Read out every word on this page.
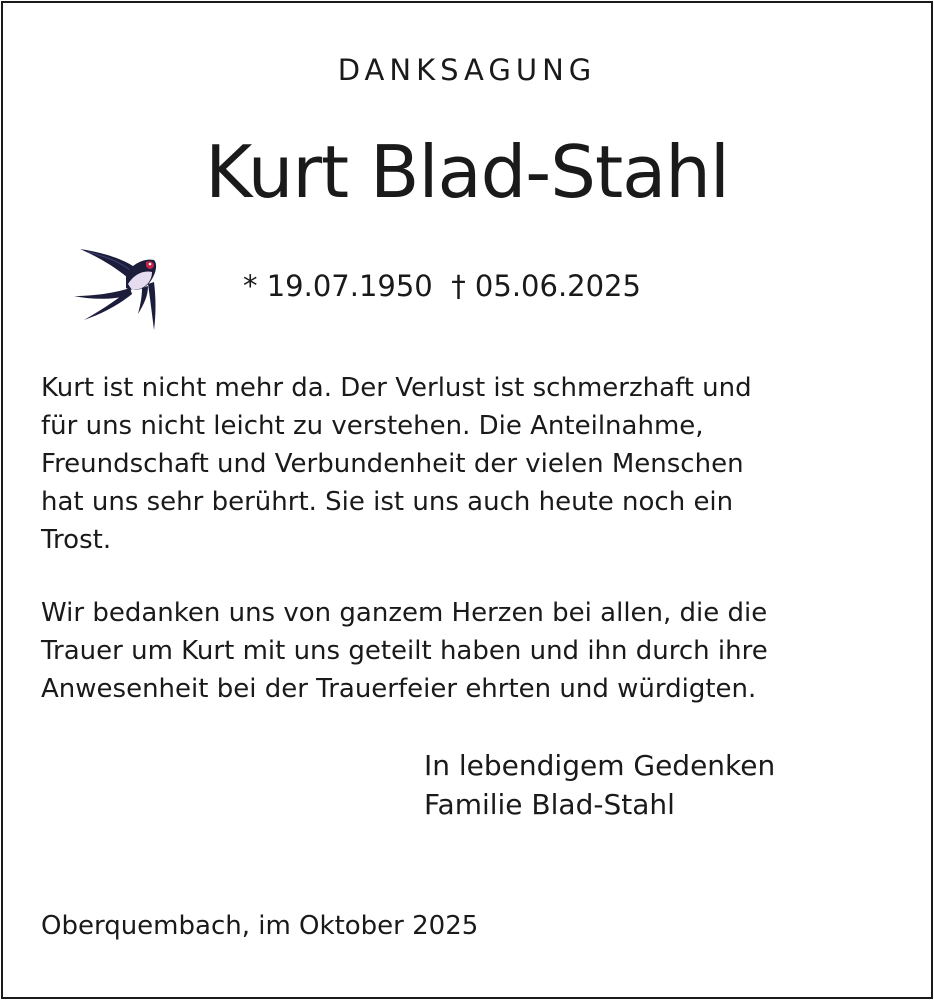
DANKSAGUNG
Kurt Blad-Stahl
* 19.07.1950 † 05.06.2025

Kurt ist nicht mehr da. Der Verlust ist schmerzhaft und
für uns nicht leicht zu verstehen. Die Anteilnahme,
Freundschaft und Verbundenheit der vielen Menschen
hat uns sehr berührt. Sie ist uns auch heute noch ein
Trost.

Wir bedanken uns von ganzem Herzen bei allen, die die
Trauer um Kurt mit uns geteilt haben und ihn durch ihre
Anwesenheit bei der Trauerfeier ehrten und würdigten.

In lebendigem Gedenken
Familie Blad-Stahl
Oberquembach, im Oktober 2025
